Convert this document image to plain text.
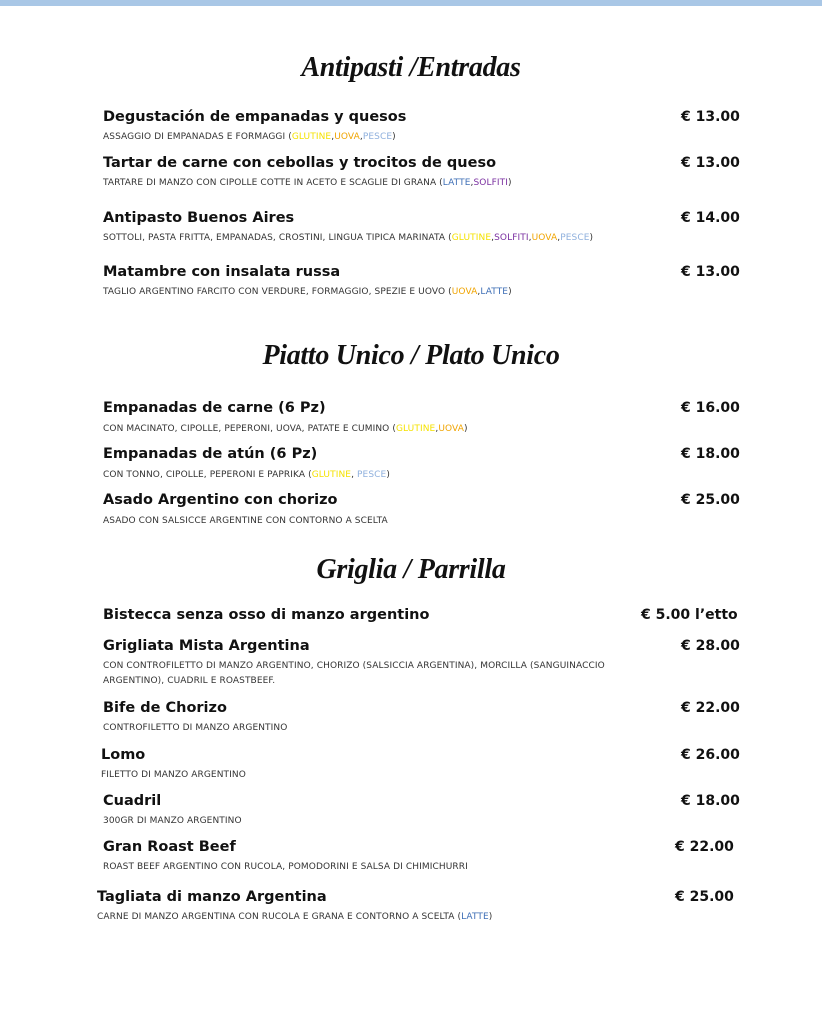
Antipasti /Entradas
Piatto Unico / Plato Unico
Griglia / Parrilla
Degustación de empanadas y quesos	€ 13.00
ASSAGGIO DI EMPANADAS E FORMAGGI (GLUTINE,UOVA,PESCE)
Tartar de carne con cebollas y trocitos de queso	€ 13.00
TARTARE DI MANZO CON CIPOLLE COTTE IN ACETO E SCAGLIE DI GRANA (LATTE,SOLFITI)
Antipasto Buenos Aires	€ 14.00
SOTTOLI, PASTA FRITTA, EMPANADAS, CROSTINI, LINGUA TIPICA MARINATA (GLUTINE,SOLFITI,UOVA,PESCE)
Matambre con insalata russa	€ 13.00
TAGLIO ARGENTINO FARCITO CON VERDURE, FORMAGGIO, SPEZIE E UOVO (UOVA,LATTE)
Empanadas de carne (6 Pz)	€ 16.00
CON MACINATO, CIPOLLE, PEPERONI, UOVA, PATATE E CUMINO (GLUTINE,UOVA)
Empanadas de atún (6 Pz)	€ 18.00
CON TONNO, CIPOLLE, PEPERONI E PAPRIKA (GLUTINE, PESCE)
Asado Argentino con chorizo	€ 25.00
ASADO CON SALSICCE ARGENTINE CON CONTORNO A SCELTA
Bistecca senza osso di manzo argentino	€ 5.00 l’etto
Grigliata Mista Argentina	€ 28.00
CON CONTROFILETTO DI MANZO ARGENTINO, CHORIZO (SALSICCIA ARGENTINA), MORCILLA (SANGUINACCIO ARGENTINO), CUADRIL E ROASTBEEF.
Bife de Chorizo	€ 22.00
CONTROFILETTO DI MANZO ARGENTINO
Lomo	€ 26.00
FILETTO DI MANZO ARGENTINO
Cuadril	€ 18.00
300GR DI MANZO ARGENTINO
Gran Roast Beef	€ 22.00
ROAST BEEF ARGENTINO CON RUCOLA, POMODORINI E SALSA DI CHIMICHURRI
Tagliata di manzo Argentina	€ 25.00
CARNE DI MANZO ARGENTINA CON RUCOLA E GRANA E CONTORNO A SCELTA (LATTE)
